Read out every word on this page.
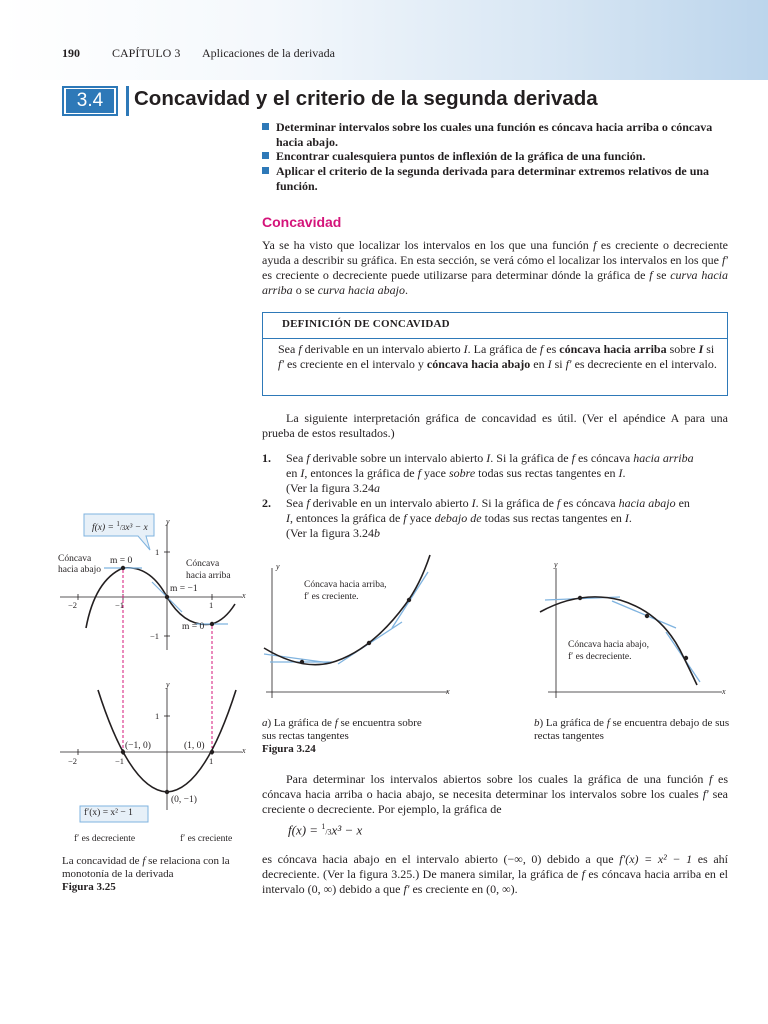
190	CAPÍTULO 3 Aplicaciones de la derivada
3.4	Concavidad y el criterio de la segunda derivada
Determinar intervalos sobre los cuales una función es cóncava hacia arriba o cóncava hacia abajo.
Encontrar cualesquiera puntos de inflexión de la gráfica de una función.
Aplicar el criterio de la segunda derivada para determinar extremos relativos de una función.
Concavidad
Ya se ha visto que localizar los intervalos en los que una función f es creciente o decreciente ayuda a describir su gráfica. En esta sección, se verá cómo el localizar los intervalos en los que f′ es creciente o decreciente puede utilizarse para determinar dónde la gráfica de f se curva hacia arriba o se curva hacia abajo.
DEFINICIÓN DE CONCAVIDAD
Sea f derivable en un intervalo abierto I. La gráfica de f es cóncava hacia arriba sobre I si f′ es creciente en el intervalo y cóncava hacia abajo en I si f′ es decreciente en el intervalo.
La siguiente interpretación gráfica de concavidad es útil. (Ver el apéndice A para una prueba de estos resultados.)
1. Sea f derivable sobre un intervalo abierto I. Si la gráfica de f es cóncava hacia arriba
en I, entonces la gráfica de f yace sobre todas sus rectas tangentes en I.
(Ver la figura 3.24a
2. Sea f derivable en un intervalo abierto I. Si la gráfica de f es cóncava hacia abajo en
I, entonces la gráfica de f yace debajo de todas sus rectas tangentes en I.
(Ver la figura 3.24b
y
x
Cóncava hacia arriba,
f′ es creciente.
y
x
Cóncava hacia abajo,
f′ es decreciente.
a) La gráfica de f se encuentra sobre sus rectas tangentes
Figura 3.24
b) La gráfica de f se encuentra debajo de sus rectas tangentes
f(x) = $^1$/3x³ − x
y
x
Cóncava
hacia abajo
Cóncava
hacia arriba
m = 0
m = −1
m = 0
−2	−1	1
1
−1
y
x
−2	−1	1
1
(−1, 0)	(1, 0)
(0, −1)
f′(x) = x² − 1
f′ es decreciente	f′ es creciente
La concavidad de f se relaciona con la monotonía de la derivada
Figura 3.25
Para determinar los intervalos abiertos sobre los cuales la gráfica de una función f es cóncava hacia arriba o hacia abajo, se necesita determinar los intervalos sobre los cuales f′ sea creciente o decreciente. Por ejemplo, la gráfica de
f(x) = $^1$/3x³ − x
es cóncava hacia abajo en el intervalo abierto (−∞, 0) debido a que f′(x) = x² − 1 es ahí decreciente. (Ver la figura 3.25.) De manera similar, la gráfica de f es cóncava hacia arriba en el intervalo (0, ∞) debido a que f′ es creciente en (0, ∞).
